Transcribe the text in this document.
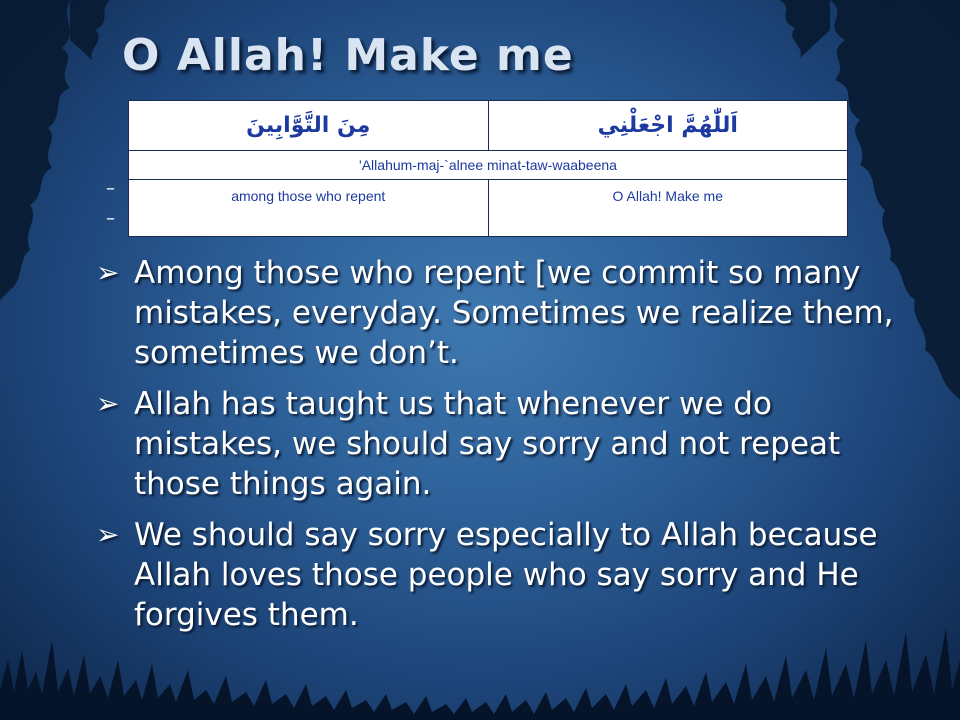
O Allah! Make me
–
–
مِنَ التَّوَّابِينَ	اَللّٰهُمَّ اجْعَلْنِي
'Allahum-maj-`alnee minat-taw-waabeena	
among those who repent	O Allah! Make me
➢ Among those who repent [we commit so many mistakes, everyday. Sometimes we realize them, sometimes we don’t.
➢ Allah has taught us that whenever we do mistakes, we should say sorry and not repeat those things again.
➢ We should say sorry especially to Allah because Allah loves those people who say sorry and He forgives them.
